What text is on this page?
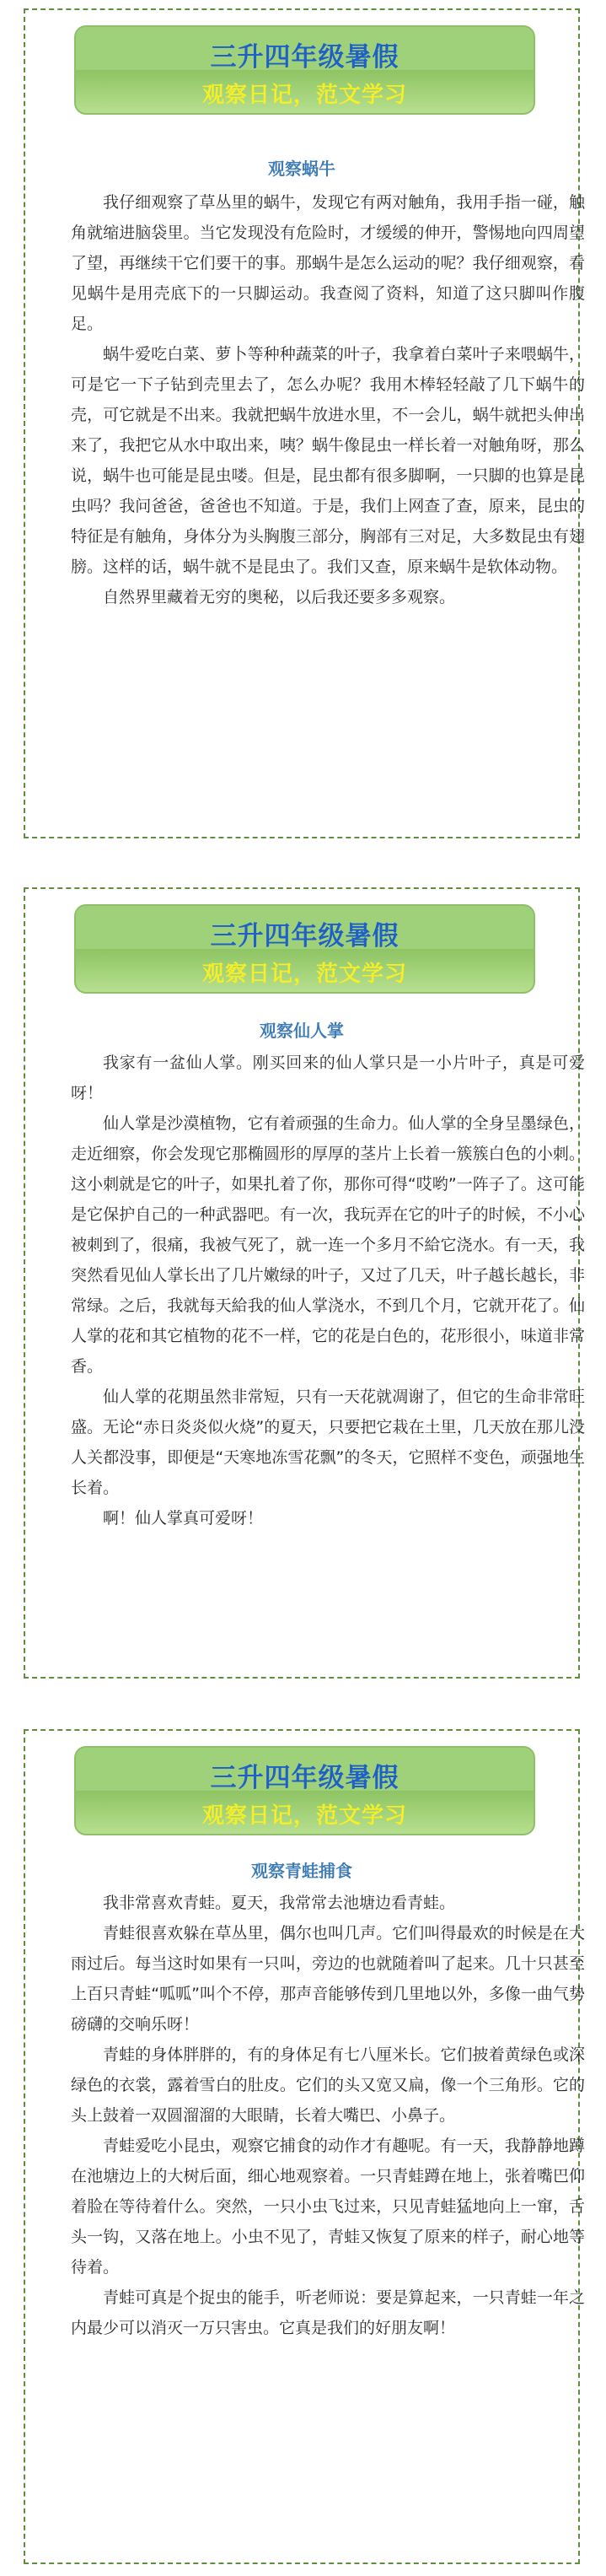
三升四年级暑假
观察日记，范文学习
观察蜗牛

我仔细观察了草丛里的蜗牛，发现它有两对触角，我用手指一碰，触角就缩进脑袋里。当它发现没有危险时，才缓缓的伸开，警惕地向四周望了望，再继续干它们要干的事。那蜗牛是怎么运动的呢？我仔细观察，看见蜗牛是用壳底下的一只脚运动。我查阅了资料，知道了这只脚叫作腹足。

蜗牛爱吃白菜、萝卜等种种蔬菜的叶子，我拿着白菜叶子来喂蜗牛，可是它一下子钻到壳里去了，怎么办呢？我用木棒轻轻敲了几下蜗牛的壳，可它就是不出来。我就把蜗牛放进水里，不一会儿，蜗牛就把头伸出来了，我把它从水中取出来，咦？蜗牛像昆虫一样长着一对触角呀，那么说，蜗牛也可能是昆虫喽。但是，昆虫都有很多脚啊，一只脚的也算是昆虫吗？我问爸爸，爸爸也不知道。于是，我们上网查了查，原来，昆虫的特征是有触角，身体分为头胸腹三部分，胸部有三对足，大多数昆虫有翅膀。这样的话，蜗牛就不是昆虫了。我们又查，原来蜗牛是软体动物。

自然界里藏着无穷的奥秘，以后我还要多多观察。

三升四年级暑假
观察日记，范文学习
观察仙人掌

我家有一盆仙人掌。刚买回来的仙人掌只是一小片叶子，真是可爱呀！

仙人掌是沙漠植物，它有着顽强的生命力。仙人掌的全身呈墨绿色，走近细察，你会发现它那椭圆形的厚厚的茎片上长着一簇簇白色的小刺。这小刺就是它的叶子，如果扎着了你，那你可得“哎哟”一阵子了。这可能是它保护自己的一种武器吧。有一次，我玩弄在它的叶子的时候，不小心被刺到了，很痛，我被气死了，就一连一个多月不給它浇水。有一天，我突然看见仙人掌长出了几片嫩绿的叶子，又过了几天，叶子越长越长，非常绿。之后，我就每天給我的仙人掌浇水，不到几个月，它就开花了。仙人掌的花和其它植物的花不一样，它的花是白色的，花形很小，味道非常香。

仙人掌的花期虽然非常短，只有一天花就凋谢了，但它的生命非常旺盛。无论“赤日炎炎似火烧”的夏天，只要把它栽在土里，几天放在那儿没人关都没事，即便是“天寒地冻雪花飘”的冬天，它照样不变色，顽强地生长着。

啊！仙人掌真可爱呀！

三升四年级暑假
观察日记，范文学习
观察青蛙捕食

我非常喜欢青蛙。夏天，我常常去池塘边看青蛙。

青蛙很喜欢躲在草丛里，偶尔也叫几声。它们叫得最欢的时候是在大雨过后。每当这时如果有一只叫，旁边的也就随着叫了起来。几十只甚至上百只青蛙“呱呱”叫个不停，那声音能够传到几里地以外，多像一曲气势磅礴的交响乐呀！

青蛙的身体胖胖的，有的身体足有七八厘米长。它们披着黄绿色或深绿色的衣裳，露着雪白的肚皮。它们的头又宽又扁，像一个三角形。它的头上鼓着一双圆溜溜的大眼睛，长着大嘴巴、小鼻子。

青蛙爱吃小昆虫，观察它捕食的动作才有趣呢。有一天，我静静地蹲在池塘边上的大树后面，细心地观察着。一只青蛙蹲在地上，张着嘴巴仰着脸在等待着什么。突然，一只小虫飞过来，只见青蛙猛地向上一窜，舌头一钩，又落在地上。小虫不见了，青蛙又恢复了原来的样子，耐心地等待着。

青蛙可真是个捉虫的能手，听老师说：要是算起来，一只青蛙一年之内最少可以消灭一万只害虫。它真是我们的好朋友啊！
